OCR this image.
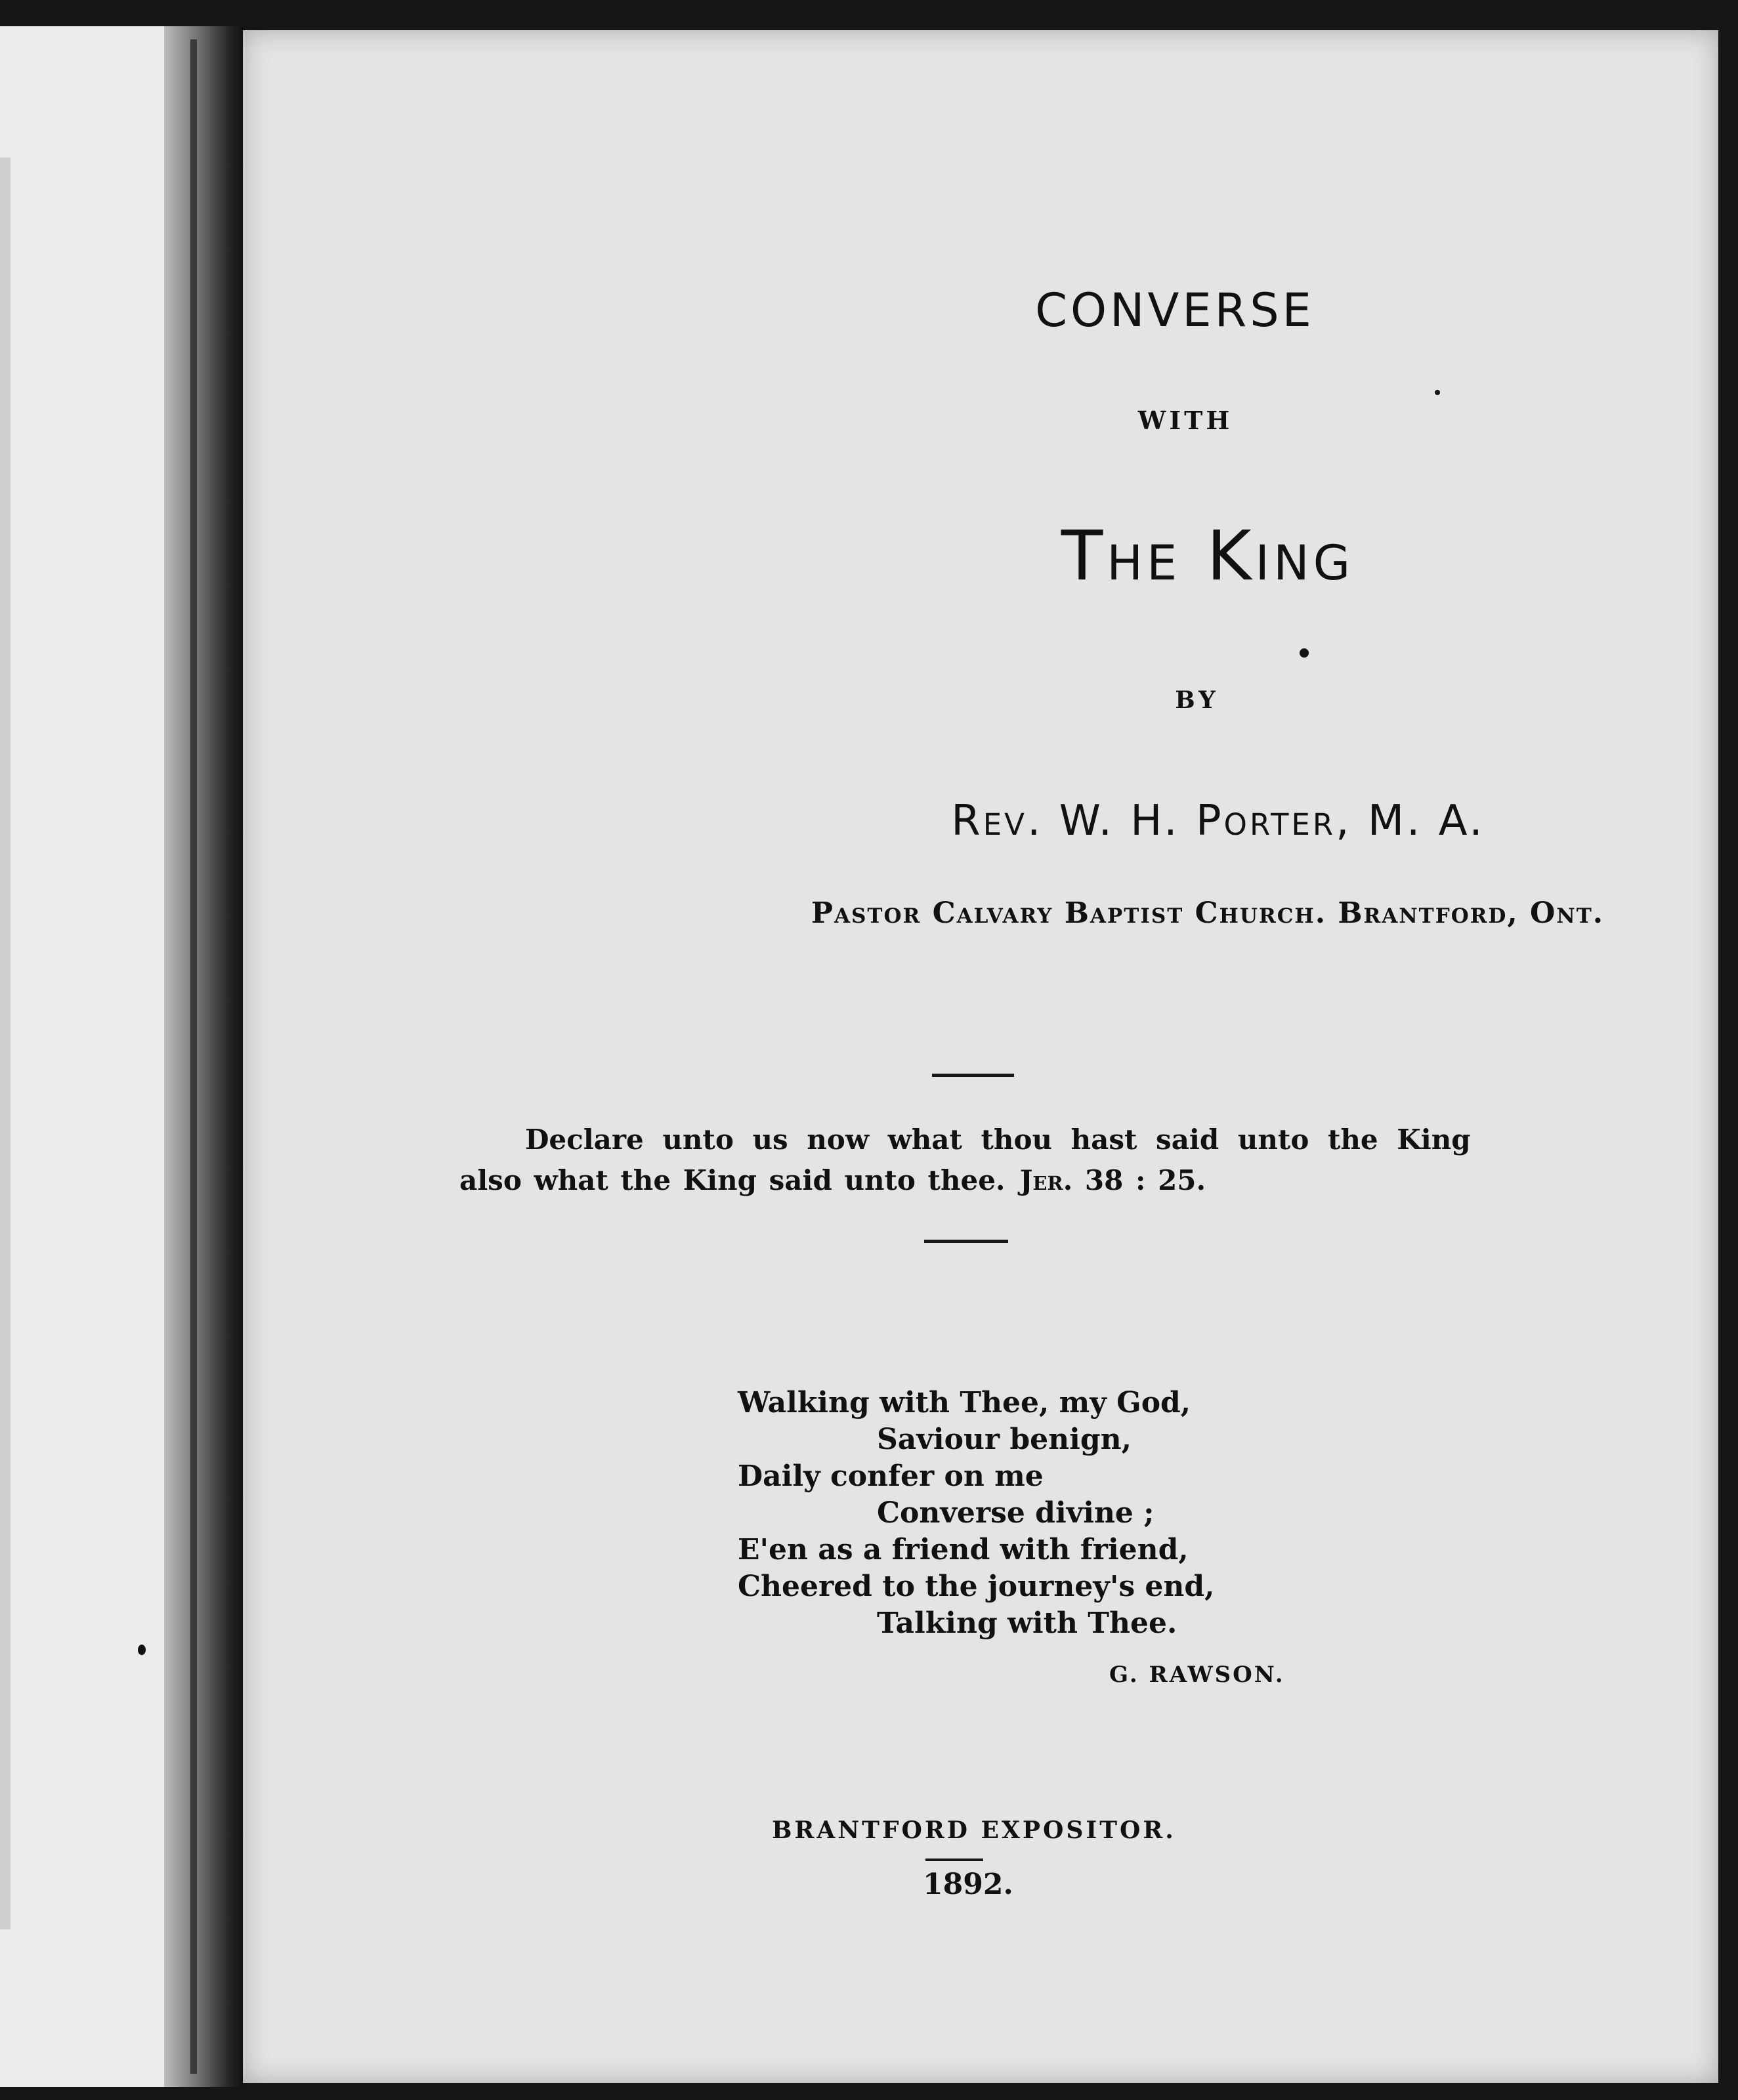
CONVERSE
WITH
The King
BY
Rev. W. H. Porter, M. A.
Pastor Calvary Baptist Church. Brantford, Ont.
Declare unto us now what thou hast said unto the King
also what the King said unto thee. Jer. 38 : 25.
Walking with Thee, my God,
Saviour benign,
Daily confer on me
Converse divine ;
E'en as a friend with friend,
Cheered to the journey's end,
Talking with Thee.
G. RAWSON.
BRANTFORD EXPOSITOR.
1892.
